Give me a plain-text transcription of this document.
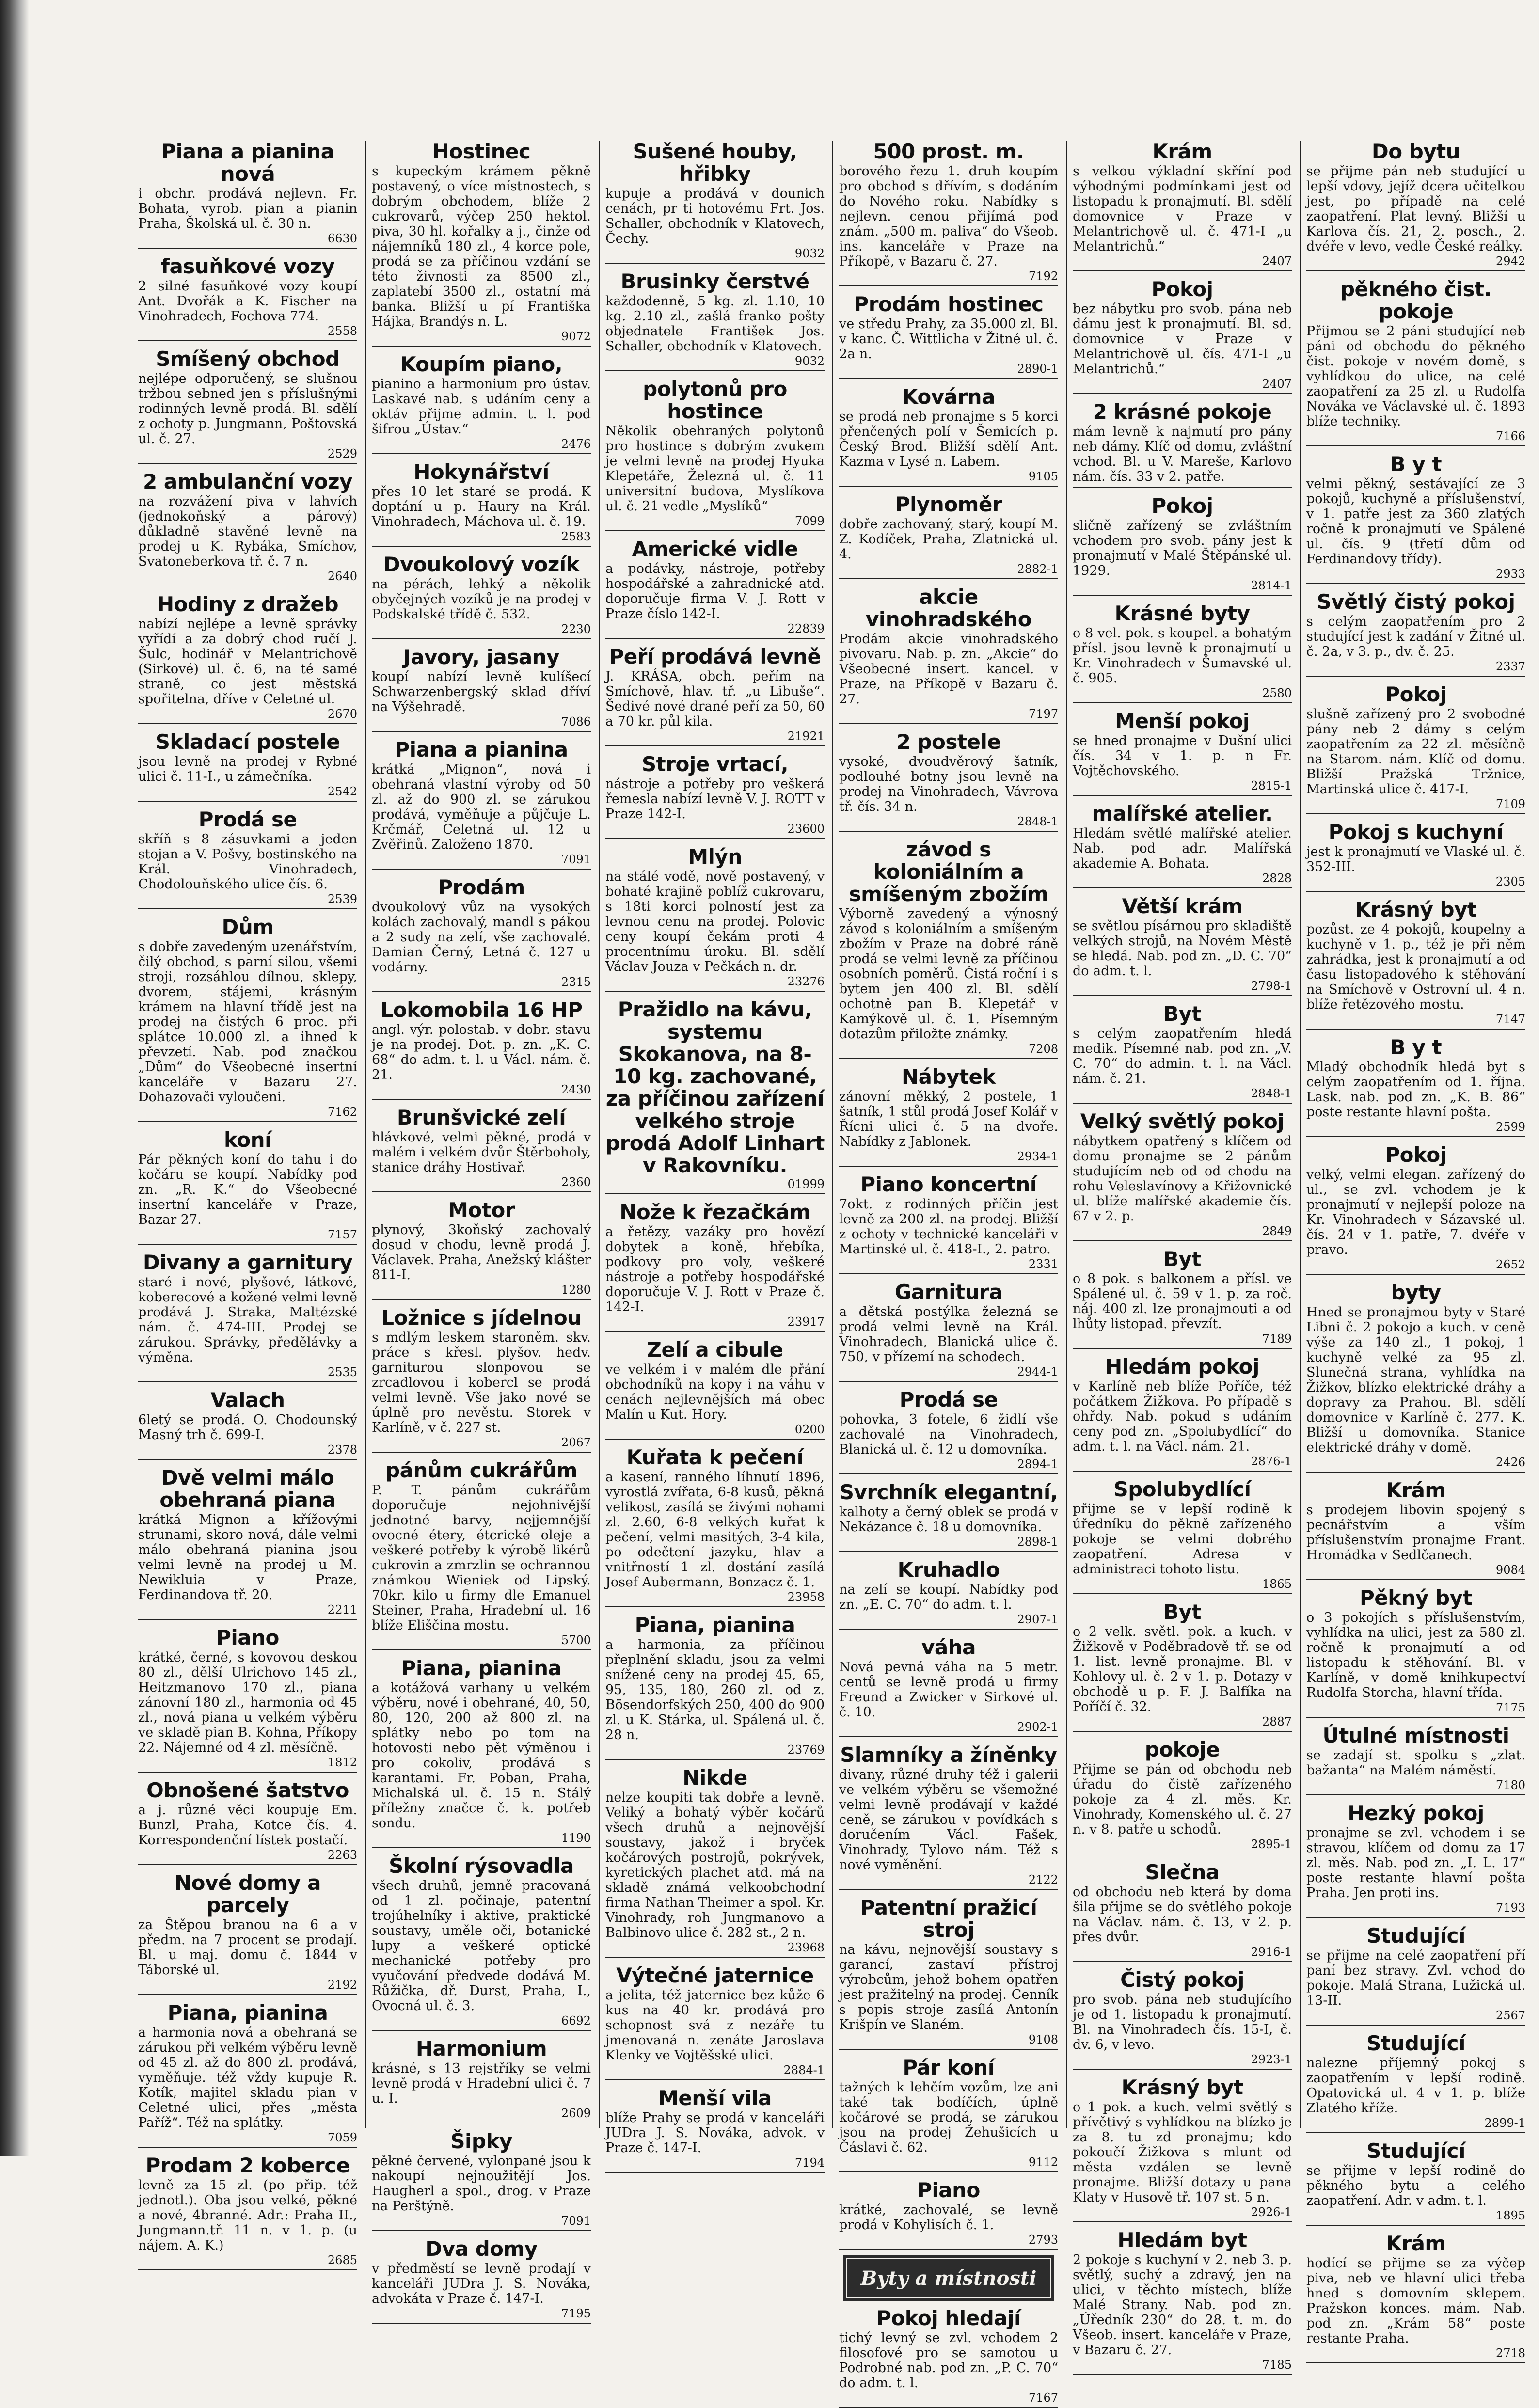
Piana a pianina nová

i obchr. prodává nejlevn. Fr. Bohata, vyrob. pian a pianin Praha, Školská ul. č. 30 n.

6630
fasuňkové vozy

2 silné fasuňkové vozy koupí Ant. Dvořák a K. Fischer na Vinohradech, Fochova 774.

2558
Smíšený obchod

nejlépe odporučený, se slušnou tržbou sebned jen s příslušnými rodinných levně prodá. Bl. sdělí z ochoty p. Jungmann, Poštovská ul. č. 27.

2529
2 ambulanční vozy

na rozvážení piva v lahvích (jednokoňský a párový) důkladně stavěné levně na prodej u K. Rybáka, Smíchov, Svatoneberkova tř. č. 7 n.

2640
Hodiny z dražeb

nabízí nejlépe a levně správky vyřídí a za dobrý chod ručí J. Šulc, hodinář v Melantrichově (Sirkové) ul. č. 6, na té samé straně, co jest městská spořitelna, dříve v Celetné ul.

2670
Skladací postele

jsou levně na prodej v Rybné ulici č. 11-I., u zámečníka.

2542
Prodá se

skříň s 8 zásuvkami a jeden stojan a V. Pošvy, bostinského na Král. Vinohradech, Chodolouňského ulice čís. 6.

2539
Dům

s dobře zavedeným uzenářstvím, čilý obchod, s parní silou, všemi stroji, rozsáhlou dílnou, sklepy, dvorem, stájemi, krásným krámem na hlavní třídě jest na prodej na čistých 6 proc. při splátce 10.000 zl. a ihned k převzetí. Nab. pod značkou „Dům“ do Všeobecné insertní kanceláře v Bazaru 27. Dohazovači vyloučeni.

7162
koní

Pár pěkných koní do tahu i do kočáru se koupí. Nabídky pod zn. „R. K.“ do Všeobecné insertní kanceláře v Praze, Bazar 27.

7157
Divany a garnitury

staré i nové, plyšové, látkové, koberecové a kožené velmi levně prodává J. Straka, Maltézské nám. č. 474-III. Prodej se zárukou. Správky, předělávky a výměna.

2535
Valach

6letý se prodá. O. Chodounský Masný trh č. 699-I.

2378
Dvě velmi málo obehraná piana

krátká Mignon a křížovými strunami, skoro nová, dále velmi málo obehraná pianina jsou velmi levně na prodej u M. Newikluia v Praze, Ferdinandova tř. 20.

2211
Piano

krátké, černé, s kovovou deskou 80 zl., dělší Ulrichovo 145 zl., Heitzmanovo 170 zl., piana zánovní 180 zl., harmonia od 45 zl., nová piana u velkém výběru ve skladě pian B. Kohna, Příkopy 22. Nájemné od 4 zl. měsíčně.

1812
Obnošené šatstvo

a j. různé věci koupuje Em. Bunzl, Praha, Kotce čís. 4. Korrespondenční lístek postačí.

2263
Nové domy a parcely

za Štěpou branou na 6 a v předm. na 7 procent se prodají. Bl. u maj. domu č. 1844 v Táborské ul.

2192
Piana, pianina

a harmonia nová a obehraná se zárukou při velkém výběru levně od 45 zl. až do 800 zl. prodává, vyměňuje. též vždy kupuje R. Kotík, majitel skladu pian v Celetné ulici, přes „města Paříž“. Též na splátky.

7059
Prodam 2 koberce

levně za 15 zl. (po přip. též jednotl.). Oba jsou velké, pěkné a nové, 4branné. Adr.: Praha II., Jungmann.tř. 11 n. v 1. p. (u nájem. A. K.)

2685
Hostinec

s kupeckým krámem pěkně postavený, o více místnostech, s dobrým obchodem, blíže 2 cukrovarů, výčep 250 hektol. piva, 30 hl. kořalky a j., činže od nájemníků 180 zl., 4 korce pole, prodá se za příčinou vzdání se této živnosti za 8500 zl., zaplatebí 3500 zl., ostatní má banka. Bližší u pí Františka Hájka, Brandýs n. L.

9072
Koupím piano,

pianino a harmonium pro ústav. Laskavé nab. s udáním ceny a oktáv přijme admin. t. l. pod šifrou „Ústav.“

2476
Hokynářství

přes 10 let staré se prodá. K doptání u p. Haury na Král. Vinohradech, Máchova ul. č. 19.

2583
Dvoukolový vozík

na pérách, lehký a několik obyčejných vozíků je na prodej v Podskalské třídě č. 532.

2230
Javory, jasany

koupí nabízí levně kulíšecí Schwarzenbergský sklad dříví na Výšehradě.

7086
Piana a pianina

krátká „Mignon“, nová i obehraná vlastní výroby od 50 zl. až do 900 zl. se zárukou prodává, vyměňuje a půjčuje L. Krčmář, Celetná ul. 12 u Zvěřinů. Založeno 1870.

7091
Prodám

dvoukolový vůz na vysokých kolách zachovalý, mandl s pákou a 2 sudy na zelí, vše zachovalé. Damian Černý, Letná č. 127 u vodárny.

2315
Lokomobila 16 HP

angl. výr. polostab. v dobr. stavu je na prodej. Dot. p. zn. „K. C. 68“ do adm. t. l. u Václ. nám. č. 21.

2430
Brunšvické zelí

hlávkové, velmi pěkné, prodá v malém i velkém dvůr Štěrboholy, stanice dráhy Hostivař.

2360
Motor

plynový, 3koňský zachovalý dosud v chodu, levně prodá J. Václavek. Praha, Anežský klášter 811-I.

1280
Ložnice s jídelnou

s mdlým leskem staroněm. skv. práce s křesl. plyšov. hedv. garniturou slonpovou se zrcadlovou i kobercl se prodá velmi levně. Vše jako nové se úplně pro nevěstu. Storek v Karlíně, v č. 227 st.

2067
pánům cukrářům

P. T. pánům cukrářům doporučuje nejohnivější jednotné barvy, nejjemnější ovocné étery, étcrické oleje a veškeré potřeby k výrobě likérů cukrovin a zmrzlin se ochrannou známkou Wieniek od Lipský. 70kr. kilo u firmy dle Emanuel Steiner, Praha, Hradební ul. 16 blíže Eliščina mostu.

5700
Piana, pianina

a kotážová varhany u velkém výběru, nové i obehrané, 40, 50, 80, 120, 200 až 800 zl. na splátky nebo po tom na hotovosti nebo pět výměnou i pro cokoliv, prodává s karantami. Fr. Poban, Praha, Michalská ul. č. 15 n. Stálý příležny značce č. k. potřeb sondu.

1190
Školní rýsovadla

všech druhů, jemně pracovaná od 1 zl. počinaje, patentní trojúhelníky i aktive, praktické soustavy, uměle oči, botanické lupy a veškeré optické mechanické potřeby pro vyučování předvede dodává M. Růžička, dř. Durst, Praha, I., Ovocná ul. č. 3.

6692
Harmonium

krásné, s 13 rejstříky se velmi levně prodá v Hradební ulici č. 7 u. I.

2609
Šipky

pěkné červené, vylonpané jsou k nakoupí nejnoužitějí Jos. Haugherl a spol., drog. v Praze na Perštýně.

7091
Dva domy

v předměstí se levně prodají v kanceláři JUDra J. S. Nováka, advokáta v Praze č. 147-I.

7195
Sušené houby, hřibky

kupuje a prodává v dounich cenách, pr ti hotovému Frt. Jos. Schaller, obchodník v Klatovech, Čechy.

9032
Brusinky čerstvé

každodenně, 5 kg. zl. 1.10, 10 kg. 2.10 zl., zašlá franko pošty objednatele František Jos. Schaller, obchodník v Klatovech.

9032
polytonů pro hostince

Několik obehraných polytonů pro hostince s dobrým zvukem je velmi levně na prodej Hyuka Klepetáře, Železná ul. č. 11 universitní budova, Myslíkova ul. č. 21 vedle „Myslíků“

7099
Americké vidle

a podávky, nástroje, potřeby hospodářské a zahradnické atd. doporučuje firma V. J. Rott v Praze číslo 142-I.

22839
Peří prodává levně

J. KRÁSA, obch. peřím na Smíchově, hlav. tř. „u Libuše“. Šedivé nové drané peří za 50, 60 a 70 kr. půl kila.

21921
Stroje vrtací,

nástroje a potřeby pro veškerá řemesla nabízí levně V. J. ROTT v Praze 142-I.

23600
Mlýn

na stálé vodě, nově postavený, v bohaté krajině poblíž cukrovaru, s 18ti korci polností jest za levnou cenu na prodej. Polovic ceny koupí čekám proti 4 procentnímu úroku. Bl. sdělí Václav Jouza v Pečkách n. dr.

23276
Pražidlo na kávu, systemu Skokanova, na 8-10 kg. zachované, za příčinou zařízení velkého stroje prodá Adolf Linhart v Rakovníku.
01999
Nože k řezačkám

a řetězy, vazáky pro hovězí dobytek a koně, hřebíka, podkovy pro voly, veškeré nástroje a potřeby hospodářské doporučuje V. J. Rott v Praze č. 142-I.

23917
Zelí a cibule

ve velkém i v malém dle přání obchodníků na kopy i na váhu v cenách nejlevnějších má obec Malín u Kut. Hory.

0200
Kuřata k pečení

a kasení, ranného líhnutí 1896, vyrostlá zvířata, 6-8 kusů, pěkná velikost, zasílá se živými nohami zl. 2.60, 6-8 velkých kuřat k pečení, velmi masitých, 3-4 kila, po odečtení jazyku, hlav a vnitřností 1 zl. dostání zasílá Josef Aubermann, Bonzacz č. 1.

23958
Piana, pianina

a harmonia, za příčinou přeplnění skladu, jsou za velmi snížené ceny na prodej 45, 65, 95, 135, 180, 260 zl. od z. Bösendorfských 250, 400 do 900 zl. u K. Stárka, ul. Spálená ul. č. 28 n.

23769
Nikde

nelze koupiti tak dobře a levně. Veliký a bohatý výběr kočárů všech druhů a nejnovější soustavy, jakož i bryček kočárových postrojů, pokrývek, kyretických plachet atd. má na skladě známá velkoobchodní firma Nathan Theimer a spol. Kr. Vinohrady, roh Jungmanovo a Balbinovo ulice č. 282 st., 2 n.

23968
Výtečné jaternice

a jelita, též jaternice bez kůže 6 kus na 40 kr. prodává pro schopnost svá z nezáře tu jmenovaná n. zenáte Jaroslava Klenky ve Vojtěšské ulici.

2884-1
Menší vila

blíže Prahy se prodá v kanceláři JUDra J. S. Nováka, advok. v Praze č. 147-I.

7194
500 prost. m.

borového řezu 1. druh koupím pro obchod s dřívím, s dodáním do Nového roku. Nabídky s nejlevn. cenou přijímá pod znám. „500 m. paliva“ do Všeob. ins. kanceláře v Praze na Příkopě, v Bazaru č. 27.

7192
Prodám hostinec

ve středu Prahy, za 35.000 zl. Bl. v kanc. Č. Wittlicha v Žitné ul. č. 2a n.

2890-1
Kovárna

se prodá neb pronajme s 5 korci přenčených polí v Šemicích p. Český Brod. Bližší sdělí Ant. Kazma v Lysé n. Labem.

9105
Plynoměr

dobře zachovaný, starý, koupí M. Z. Kodíček, Praha, Zlatnická ul. 4.

2882-1
akcie vinohradského

Prodám akcie vinohradského pivovaru. Nab. p. zn. „Akcie“ do Všeobecné insert. kancel. v Praze, na Příkopě v Bazaru č. 27.

7197
2 postele

vysoké, dvoudvěrový šatník, podlouhé botny jsou levně na prodej na Vinohradech, Vávrova tř. čís. 34 n.

2848-1
závod s koloniálním a smíšeným zbožím

Výborně zavedený a výnosný závod s koloniálním a smíšeným zbožím v Praze na dobré ráně prodá se velmi levně za příčinou osobních poměrů. Čistá roční i s bytem jen 400 zl. Bl. sdělí ochotně pan B. Klepetář v Kamýkově ul. č. 1. Písemným dotazům přiložte známky.

7208
Nábytek

zánovní měkký, 2 postele, 1 šatník, 1 stůl prodá Josef Kolář v Řícni ulici č. 5 na dvoře. Nabídky z Jablonek.

2934-1
Piano koncertní

7okt. z rodinných příčin jest levně za 200 zl. na prodej. Bližší z ochoty v technické kanceláři v Martinské ul. č. 418-I., 2. patro.

2331
Garnitura

a dětská postýlka železná se prodá velmi levně na Král. Vinohradech, Blanická ulice č. 750, v přízemí na schodech.

2944-1
Prodá se

pohovka, 3 fotele, 6 židlí vše zachovalé na Vinohradech, Blanická ul. č. 12 u domovníka.

2894-1
Svrchník elegantní,

kalhoty a černý oblek se prodá v Nekázance č. 18 u domovníka.

2898-1
Kruhadlo

na zelí se koupí. Nabídky pod zn. „E. C. 70“ do adm. t. l.

2907-1
váha

Nová pevná váha na 5 metr. centů se levně prodá u firmy Freund a Zwicker v Sirkové ul. č. 10.

2902-1
Slamníky a žíněnky

divany, různé druhy též i galerii ve velkém výběru se všemožné velmi levně prodávají v každé ceně, se zárukou v povídkách s doručením Václ. Fašek, Vinohrady, Tylovo nám. Též s nové vyměnění.

2122
Patentní pražicí stroj

na kávu, nejnovější soustavy s garancí, zastaví přístroj výrobcům, jehož bohem opatřen jest pražitelný na prodej. Cenník s popis stroje zasílá Antonín Krišpín ve Slaném.

9108
Pár koní

tažných k lehčím vozům, lze ani také tak bodíčích, úplně kočárové se prodá, se zárukou jsou na prodej Žehušicích u Čáslavi č. 62.

9112
Piano

krátké, zachovalé, se levně prodá v Kohylisích č. 1.

2793
Byty a místnosti
Pokoj hledají

tichý levný se zvl. vchodem 2 filosofové pro se samotou u Podrobné nab. pod zn. „P. C. 70“ do adm. t. l.

7167
Krám

s velkou výkladní skříní pod výhodnými podmínkami jest od listopadu k pronajmutí. Bl. sdělí domovnice v Praze v Melantrichově ul. č. 471-I „u Melantrichů.“

2407
Pokoj

bez nábytku pro svob. pána neb dámu jest k pronajmutí. Bl. sd. domovnice v Praze v Melantrichově ul. čís. 471-I „u Melantrichů.“

2407
2 krásné pokoje

mám levně k najmutí pro pány neb dámy. Klíč od domu, zvláštní vchod. Bl. u V. Mareše, Karlovo nám. čís. 33 v 2. patře.

Pokoj

sličně zařízený se zvláštním vchodem pro svob. pány jest k pronajmutí v Malé Štěpánské ul. 1929.

2814-1
Krásné byty

o 8 vel. pok. s koupel. a bohatým přísl. jsou levně k pronajmutí u Kr. Vinohradech v Šumavské ul. č. 905.

2580
Menší pokoj

se hned pronajme v Dušní ulici čís. 34 v 1. p. n Fr. Vojtěchovského.

2815-1
malířské atelier.

Hledám světlé malířské atelier. Nab. pod adr. Malířská akademie A. Bohata.

2828
Větší krám

se světlou písárnou pro skladiště velkých strojů, na Novém Městě se hledá. Nab. pod zn. „D. C. 70“ do adm. t. l.

2798-1
Byt

s celým zaopatřením hledá medik. Písemné nab. pod zn. „V. C. 70“ do admin. t. l. na Václ. nám. č. 21.

2848-1
Velký světlý pokoj

nábytkem opatřený s klíčem od domu pronajme se 2 pánům studujícím neb od od chodu na rohu Veleslavínovy a Křižovnické ul. blíže malířské akademie čís. 67 v 2. p.

2849
Byt

o 8 pok. s balkonem a přísl. ve Spálené ul. č. 59 v 1. p. za roč. náj. 400 zl. lze pronajmouti a od lhůty listopad. převzít.

7189
Hledám pokoj

v Karlíně neb blíže Poříče, též počátkem Žižkova. Po případě s ohřdy. Nab. pokud s udáním ceny pod zn. „Spolubydlící“ do adm. t. l. na Václ. nám. 21.

2876-1
Spolubydlící

přijme se v lepší rodině k úředníku do pěkně zařízeného pokoje se velmi dobrého zaopatření. Adresa v administraci tohoto listu.

1865
Byt

o 2 velk. světl. pok. a kuch. v Žižkově v Poděbradově tř. se od 1. list. levně pronajme. Bl. v Kohlovy ul. č. 2 v 1. p. Dotazy v obchodě u p. F. J. Balfíka na Poříčí č. 32.

2887
pokoje

Přijme se pán od obchodu neb úřadu do čistě zařízeného pokoje za 4 zl. měs. Kr. Vinohrady, Komenského ul. č. 27 n. v 8. patře u schodů.

2895-1
Slečna

od obchodu neb která by doma šila přijme se do světlého pokoje na Václav. nám. č. 13, v 2. p. přes dvůr.

2916-1
Čistý pokoj

pro svob. pána neb studujícího je od 1. listopadu k pronajmutí. Bl. na Vinohradech čís. 15-I, č. dv. 6, v levo.

2923-1
Krásný byt

o 1 pok. a kuch. velmi světlý s přívětivý s vyhlídkou na blízko je za 8. tu zd pronajmu; kdo pokoučí Žižkova s mlunt od města vzdálen se levně pronajme. Bližší dotazy u pana Klaty v Husově tř. 107 st. 5 n.

2926-1
Hledám byt

2 pokoje s kuchyní v 2. neb 3. p. světlý, suchý a zdravý, jen na ulici, v těchto místech, blíže Malé Strany. Nab. pod zn. „Úředník 230“ do 28. t. m. do Všeob. insert. kanceláře v Praze, v Bazaru č. 27.

7185
Do bytu

se přijme pán neb studující u lepší vdovy, jejíž dcera učitelkou jest, po případě na celé zaopatření. Plat levný. Bližší u Karlova čís. 21, 2. posch., 2. dvéře v levo, vedle České reálky.

2942
pěkného čist. pokoje

Přijmou se 2 páni studující neb páni od obchodu do pěkného čist. pokoje v novém domě, s vyhlídkou do ulice, na celé zaopatření za 25 zl. u Rudolfa Nováka ve Václavské ul. č. 1893 blíže techniky.

7166
B y t

velmi pěkný, sestávající ze 3 pokojů, kuchyně a příslušenství, v 1. patře jest za 360 zlatých ročně k pronajmutí ve Spálené ul. čís. 9 (třetí dům od Ferdinandovy třídy).

2933
Světlý čistý pokoj

s celým zaopatřením pro 2 studující jest k zadání v Žitné ul. č. 2a, v 3. p., dv. č. 25.

2337
Pokoj

slušně zařízený pro 2 svobodné pány neb 2 dámy s celým zaopatřením za 22 zl. měsíčně na Starom. nám. Klíč od domu. Bližší Pražská Tržnice, Martinská ulice č. 417-I.

7109
Pokoj s kuchyní

jest k pronajmutí ve Vlaské ul. č. 352-III.

2305
Krásný byt

pozůst. ze 4 pokojů, koupelny a kuchyně v 1. p., též je při něm zahrádka, jest k pronajmutí a od času listopadového k stěhování na Smíchově v Ostrovní ul. 4 n. blíže řetězového mostu.

7147
B y t

Mladý obchodník hledá byt s celým zaopatřením od 1. října. Lask. nab. pod zn. „K. B. 86“ poste restante hlavní pošta.

2599
Pokoj

velký, velmi elegan. zařízený do ul., se zvl. vchodem je k pronajmutí v nejlepší poloze na Kr. Vinohradech v Sázavské ul. čís. 24 v 1. patře, 7. dvéře v pravo.

2652
byty

Hned se pronajmou byty v Staré Libni č. 2 pokojo a kuch. v ceně výše za 140 zl., 1 pokoj, 1 kuchyně velké za 95 zl. Slunečná strana, vyhlídka na Žižkov, blízko elektrické dráhy a dopravy za Prahou. Bl. sdělí domovnice v Karlíně č. 277. K. Bližší u domovníka. Stanice elektrické dráhy v domě.

2426
Krám

s prodejem libovin spojený s pecnářstvím a vším příslušenstvím pronajme Frant. Hromádka v Sedlčanech.

9084
Pěkný byt

o 3 pokojích s příslušenstvím, vyhlídka na ulici, jest za 580 zl. ročně k pronajmutí a od listopadu k stěhování. Bl. v Karlíně, v domě knihkupectví Rudolfa Storcha, hlavní třída.

7175
Útulné místnosti

se zadají st. spolku s „zlat. bažanta“ na Malém náměstí.

7180
Hezký pokoj

pronajme se zvl. vchodem i se stravou, klíčem od domu za 17 zl. měs. Nab. pod zn. „I. L. 17“ poste restante hlavní pošta Praha. Jen proti ins.

7193
Studující

se přijme na celé zaopatření pří paní bez stravy. Zvl. vchod do pokoje. Malá Strana, Lužická ul. 13-II.

2567
Studující

nalezne příjemný pokoj s zaopatřením v lepší rodině. Opatovická ul. 4 v 1. p. blíže Zlatého kříže.

2899-1
Studující

se přijme v lepší rodině do pěkného bytu a celého zaopatření. Adr. v adm. t. l.

1895
Krám

hodící se přijme se za výčep piva, neb ve hlavní ulici třeba hned s domovním sklepem. Pražskon konces. mám. Nab. pod zn. „Krám 58“ poste restante Praha.

2718
